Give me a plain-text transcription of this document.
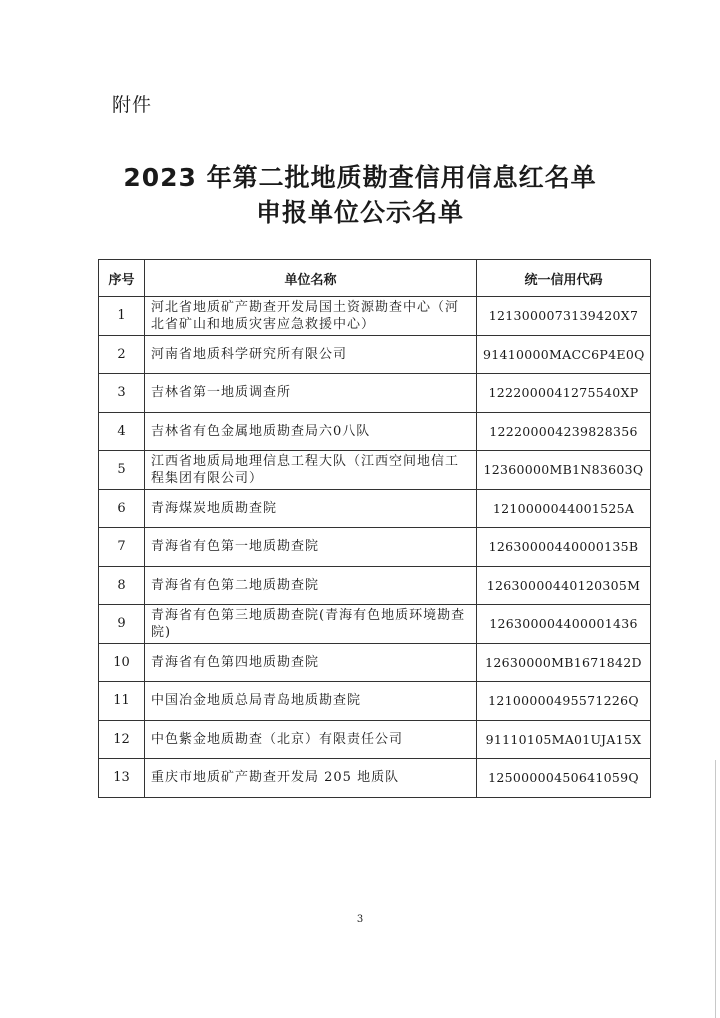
附件
2023 年第二批地质勘查信用信息红名单
申报单位公示名单
序号	单位名称	统一信用代码
1	河北省地质矿产勘查开发局国土资源勘查中心（河北省矿山和地质灾害应急救援中心）	1213000073139420X7
2	河南省地质科学研究所有限公司	91410000MACC6P4E0Q
3	吉林省第一地质调查所	1222000041275540XP
4	吉林省有色金属地质勘查局六0八队	122200004239828356
5	江西省地质局地理信息工程大队（江西空间地信工程集团有限公司）	12360000MB1N83603Q
6	青海煤炭地质勘查院	1210000044001525A
7	青海省有色第一地质勘查院	12630000440000135B
8	青海省有色第二地质勘查院	12630000440120305M
9	青海省有色第三地质勘查院(青海有色地质环境勘查院)	126300004400001436
10	青海省有色第四地质勘查院	12630000MB1671842D
11	中国冶金地质总局青岛地质勘查院	12100000495571226Q
12	中色紫金地质勘查（北京）有限责任公司	91110105MA01UJA15X
13	重庆市地质矿产勘查开发局 205 地质队	12500000450641059Q
3
